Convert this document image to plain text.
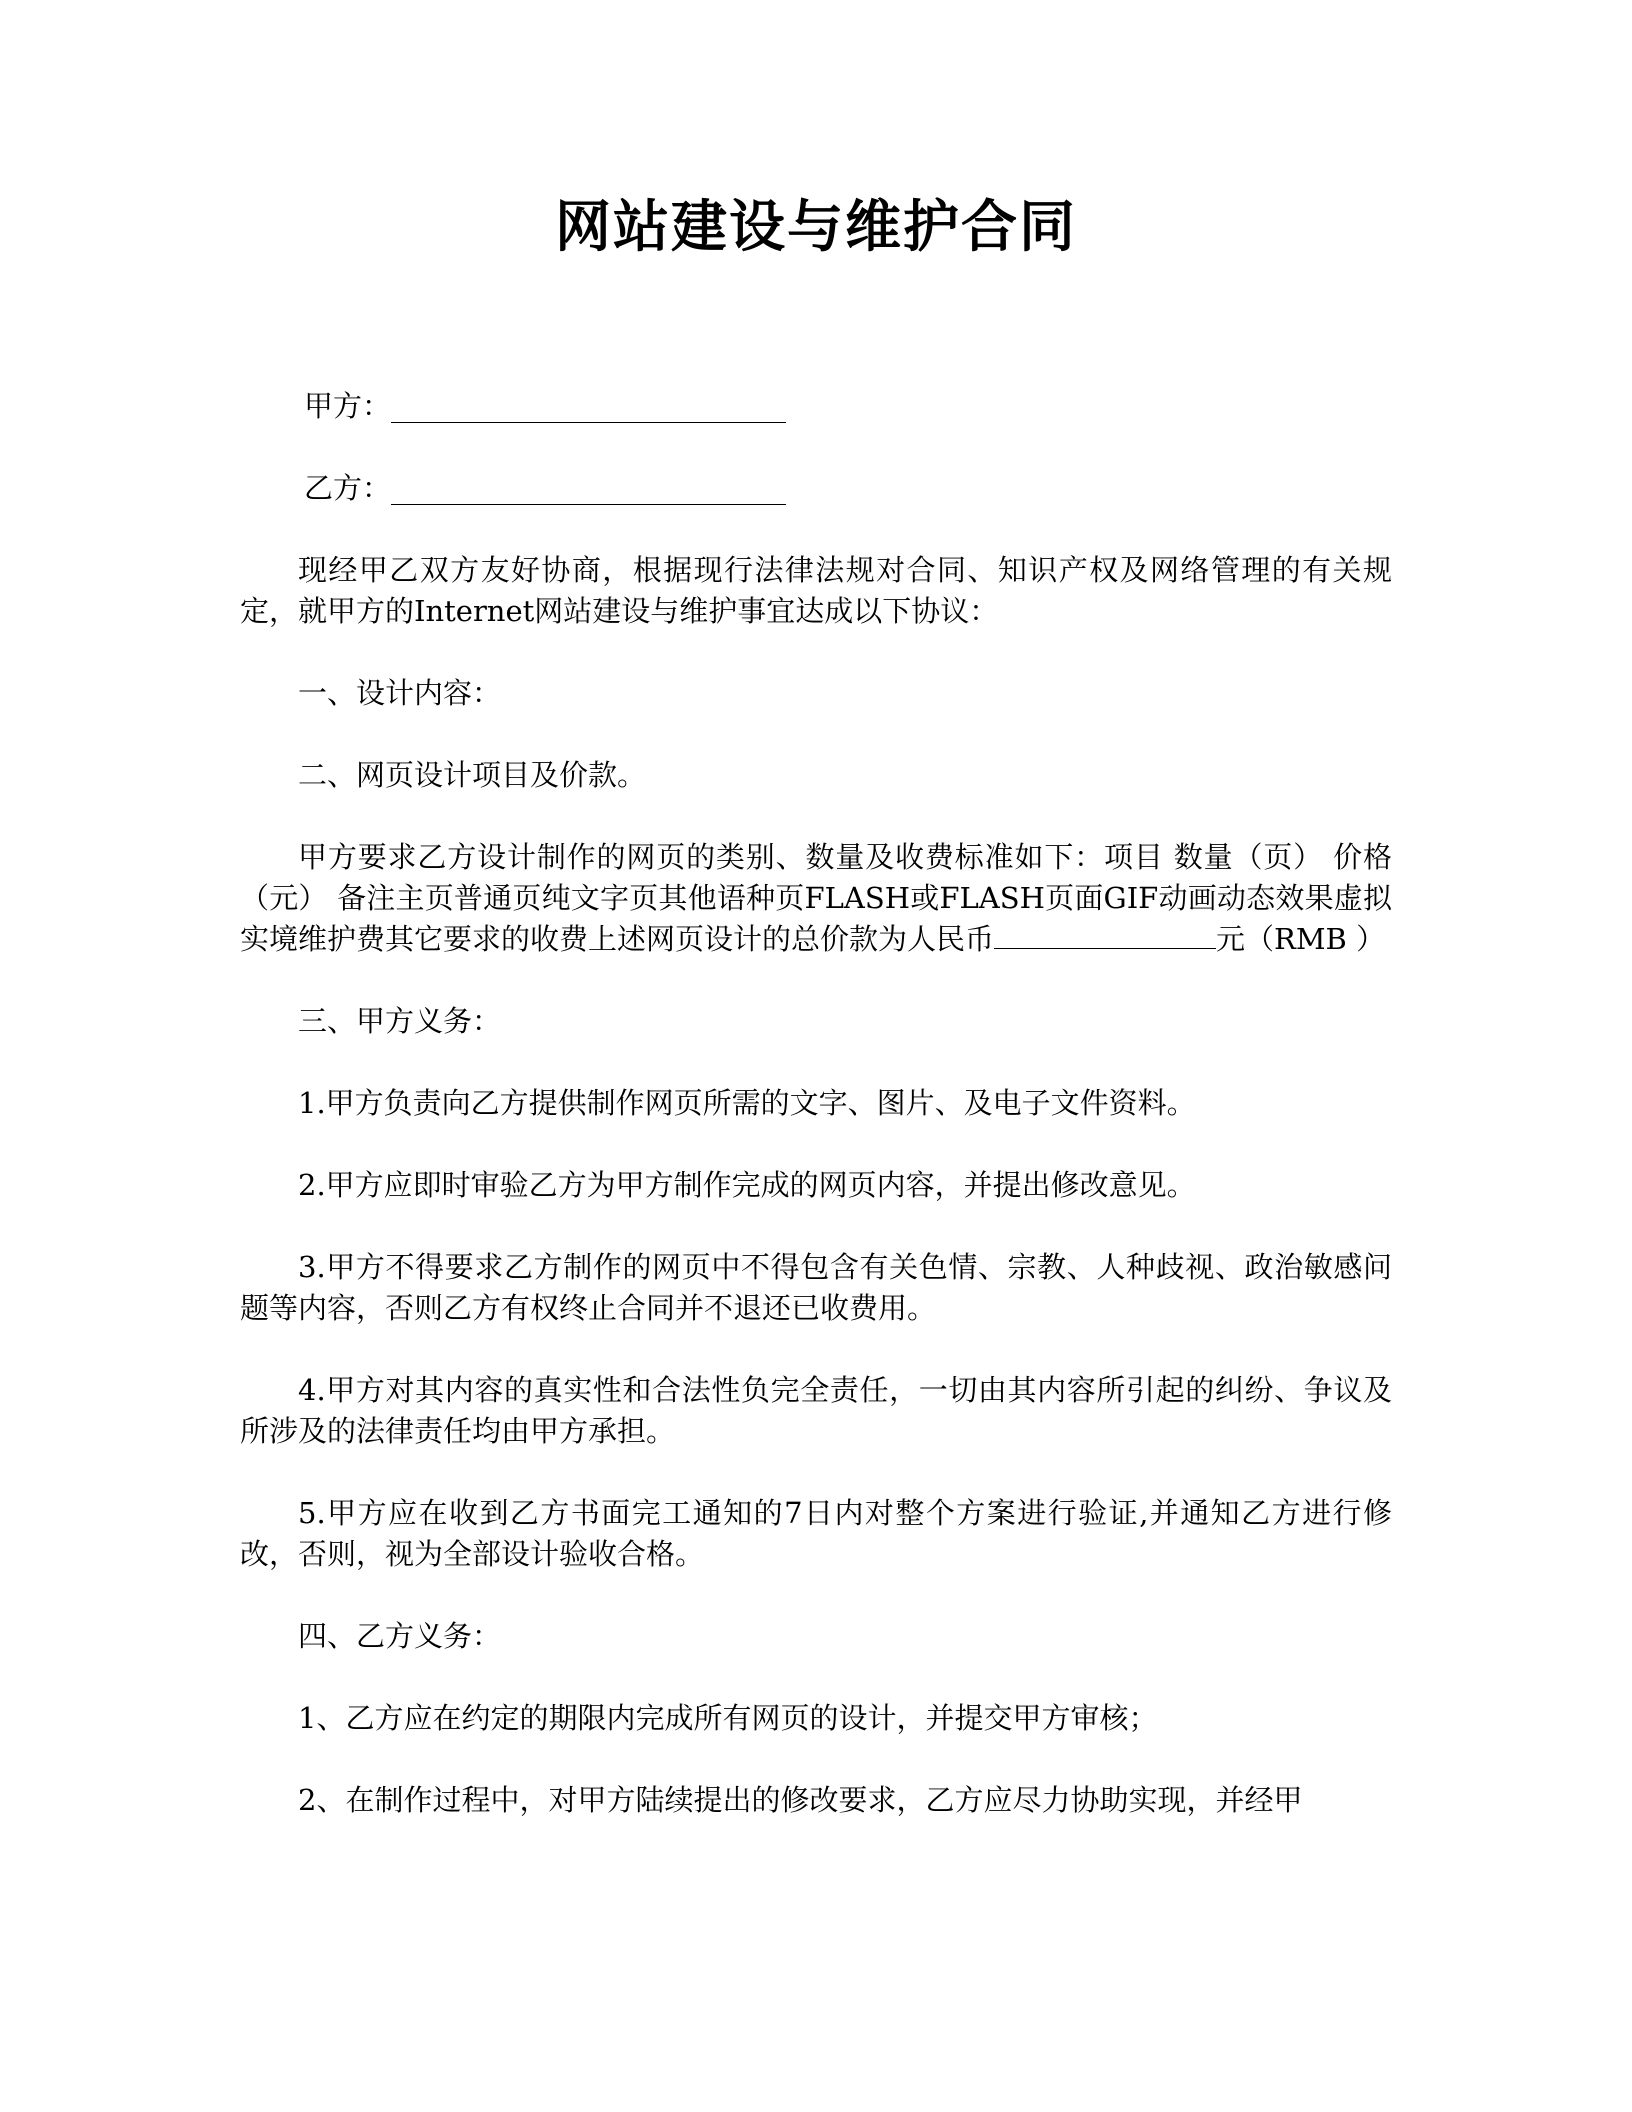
网站建设与维护合同
甲方：
乙方：

现经甲乙双方友好协商，根据现行法律法规对合同、知识产权及网络管理的有关规定，就甲方的Internet网站建设与维护事宜达成以下协议：

一、设计内容：

二、网页设计项目及价款。

甲方要求乙方设计制作的网页的类别、数量及收费标准如下：项目 数量（页） 价格（元） 备注主页普通页纯文字页其他语种页FLASH或FLASH页面GIF动画动态效果虚拟实境维护费其它要求的收费上述网页设计的总价款为人民币	元（RMB ）

三、甲方义务：

1.甲方负责向乙方提供制作网页所需的文字、图片、及电子文件资料。

2.甲方应即时审验乙方为甲方制作完成的网页内容，并提出修改意见。

3.甲方不得要求乙方制作的网页中不得包含有关色情、宗教、人种歧视、政治敏感问题等内容，否则乙方有权终止合同并不退还已收费用。

4.甲方对其内容的真实性和合法性负完全责任，一切由其内容所引起的纠纷、争议及所涉及的法律责任均由甲方承担。

5.甲方应在收到乙方书面完工通知的7日内对整个方案进行验证,并通知乙方进行修改，否则，视为全部设计验收合格。

四、乙方义务：

1、乙方应在约定的期限内完成所有网页的设计，并提交甲方审核；

2、在制作过程中，对甲方陆续提出的修改要求，乙方应尽力协助实现，并经甲
